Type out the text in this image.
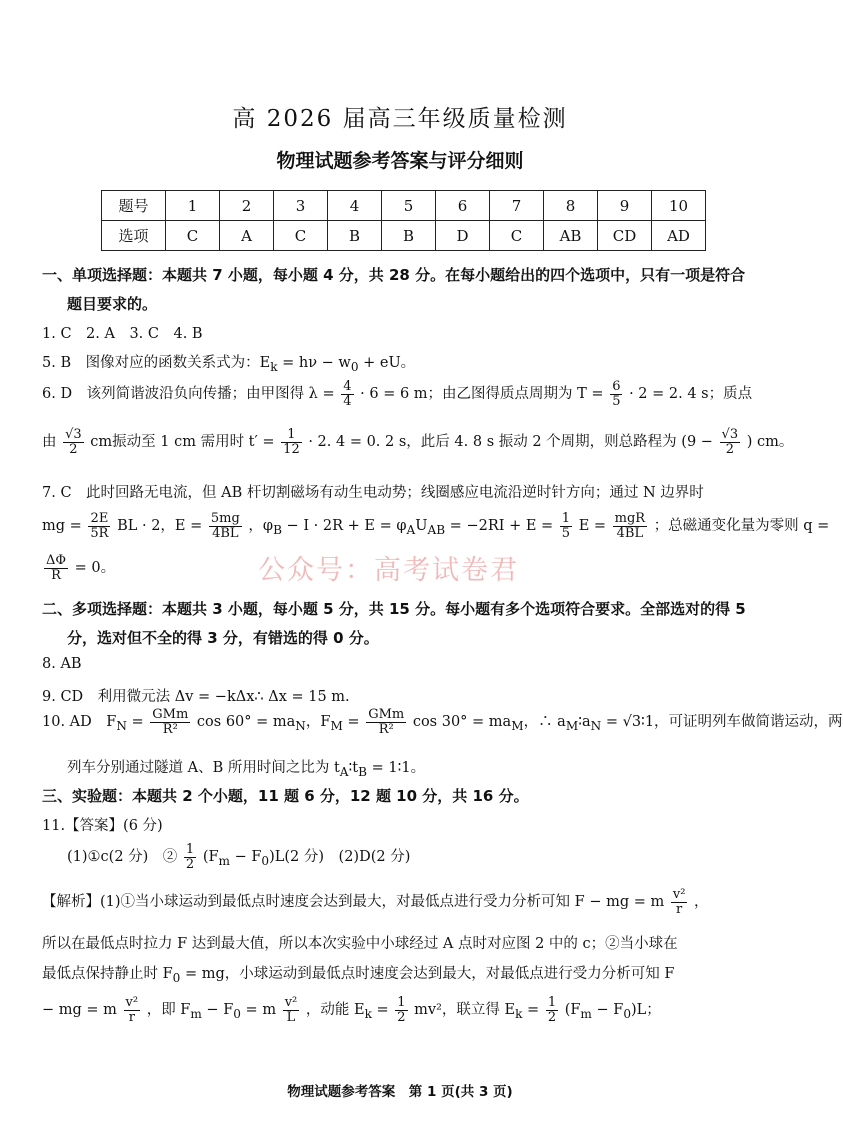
高 2026 届高三年级质量检测
物理试题参考答案与评分细则
题号	1	2	3	4	5	6	7	8	9	10
选项	C	A	C	B	B	D	C	AB	CD	AD
一、单项选择题：本题共 7 小题，每小题 4 分，共 28 分。在每小题给出的四个选项中，只有一项是符合
题目要求的。
1. C　2. A　3. C　4. B
5. B　图像对应的函数关系式为：$E_k = h\nu - w_0$ + eU。
6. D　该列简谐波沿负向传播；由甲图得 $\lambda = \frac{4}{4} \cdot 6 = 6$ m；由乙图得质点周期为 $T = \frac{6}{5} \cdot 2 = 2$. 4 s；质点
由 $\frac{√3}{2}$ cm振动至 1 cm 需用时 $t' = \frac{1}{12} \cdot 2$. 4 = 0. 2 s，此后 4. 8 s 振动 2 个周期，则总路程为 ($9 - \frac{√3}{2}$ ) cm。
7. C　此时回路无电流，但 AB 杆切割磁场有动生电动势；线圈感应电流沿逆时针方向；通过 N 边界时
mg = $\frac{2E}{5R}$ BL · 2，$E = \frac{5mg}{4BL}$ ，$\varphi_B - I \cdot 2R + E = \varphi_AU_{AB} = -2RI + E = \frac{1}{5}$ $E = \frac{\text{mgR}}{4BL}$ ；总磁通变化量为零则 q =
$\frac{\Delta\Phi}{R} = 0$。	公众号：高考试卷君
二、多项选择题：本题共 3 小题，每小题 5 分，共 15 分。每小题有多个选项符合要求。全部选对的得 5
分，选对但不全的得 3 分，有错选的得 0 分。
8. AB
9. CD　利用微元法 Δv = −kΔx∴ Δx = 15 m.
10. AD　$F_N = \frac{\text{GMm}}{\text{R²}}$ $\cos 60^\circ = ma_N$，$F_M = \frac{\text{GMm}}{\text{R²}}$ $\cos 30^\circ = ma_M$，∴ $a_M∶a_N$ = √3∶1，可证明列车做简谐运动，两
列车分别通过隧道 A、B 所用时间之比为 $t_A∶t_B$ = 1∶1。
三、实验题：本题共 2 个小题，11 题 6 分，12 题 10 分，共 16 分。
11.【答案】(6 分)
(1)①c(2 分)　② $\frac{1}{2} (F_m - F_0)L(2$ 分)　(2)D(2 分)
【解析】(1)①当小球运动到最低点时速度会达到最大，对最低点进行受力分析可知 F − mg = m $\frac{\text{v²}}{r}$ ，
所以在最低点时拉力 F 达到最大值，所以本次实验中小球经过 A 点时对应图 2 中的 c；②当小球在
最低点保持静止时 $F_0$ = mg，小球运动到最低点时速度会达到最大，对最低点进行受力分析可知 F
− mg = m $\frac{\text{v²}}{r}$ ，即 $F_m - F_0 = m \frac{\text{v²}}{L}$ ，动能 $E_k = \frac{1}{2} mv^2$，联立得 $E_k = \frac{1}{2} (F_m - F_0)L$；
物理试题参考答案　第 1 页(共 3 页)
